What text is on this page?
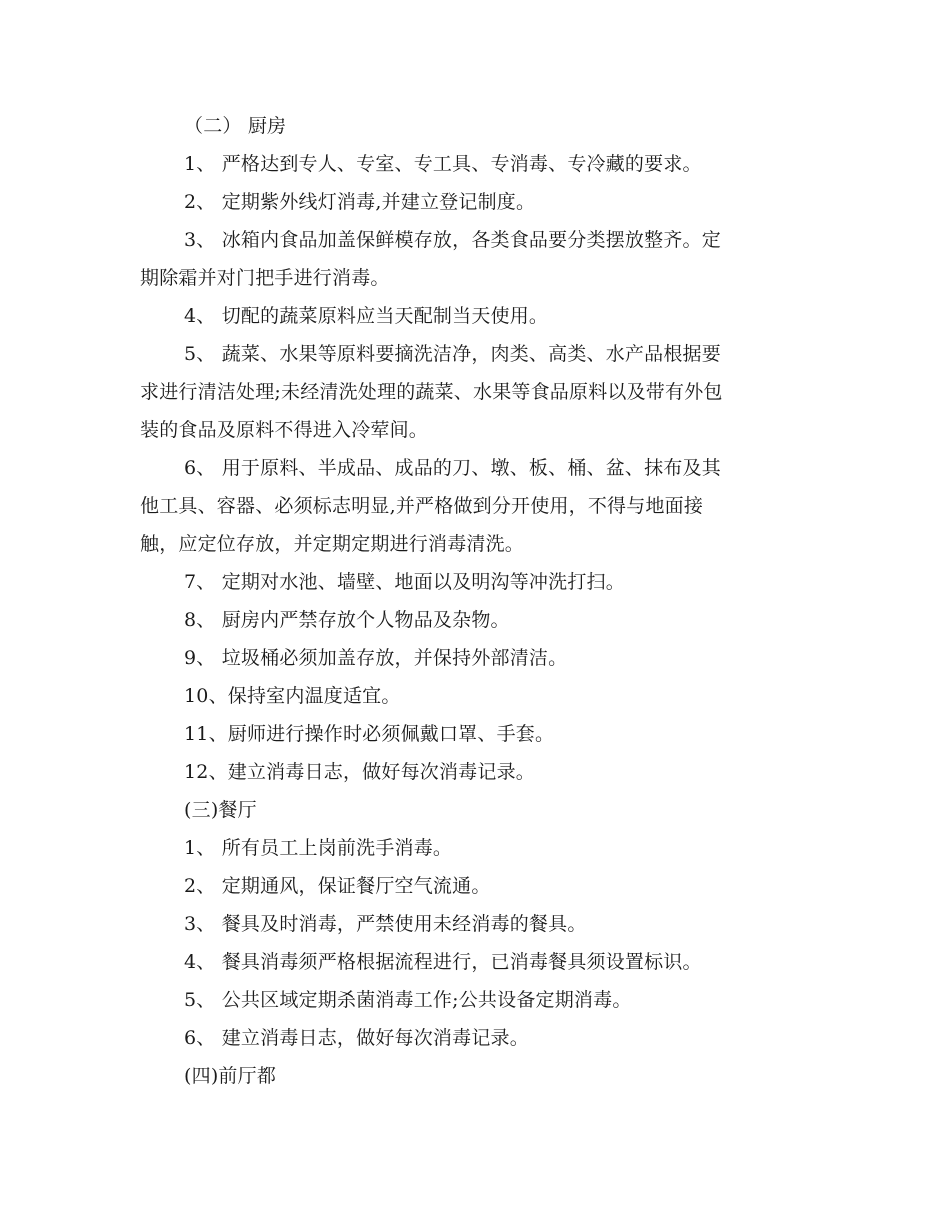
（二） 厨房
1、 严格达到专人、专室、专工具、专消毒、专冷藏的要求。
2、 定期紫外线灯消毒,并建立登记制度。
3、 冰箱内食品加盖保鲜模存放，各类食品要分类摆放整齐。定
期除霜并对门把手进行消毒。
4、 切配的蔬菜原料应当天配制当天使用。
5、 蔬菜、水果等原料要摘洗洁净，肉类、高类、水产品根据要
求进行清洁处理;未经清洗处理的蔬菜、水果等食品原料以及带有外包
装的食品及原料不得进入冷荤间。
6、 用于原料、半成品、成品的刀、墩、板、桶、盆、抹布及其
他工具、容器、必须标志明显,并严格做到分开使用，不得与地面接
触，应定位存放，并定期定期进行消毒清洗。
7、 定期对水池、墙壁、地面以及明沟等冲洗打扫。
8、 厨房内严禁存放个人物品及杂物。
9、 垃圾桶必须加盖存放，并保持外部清洁。
10、保持室内温度适宜。
11、厨师进行操作时必须佩戴口罩、手套。
12、建立消毒日志，做好每次消毒记录。
(三)餐厅
1、 所有员工上岗前洗手消毒。
2、 定期通风，保证餐厅空气流通。
3、 餐具及时消毒，严禁使用未经消毒的餐具。
4、 餐具消毒须严格根据流程进行，已消毒餐具须设置标识。
5、 公共区域定期杀菌消毒工作;公共设备定期消毒。
6、 建立消毒日志，做好每次消毒记录。
(四)前厅都
